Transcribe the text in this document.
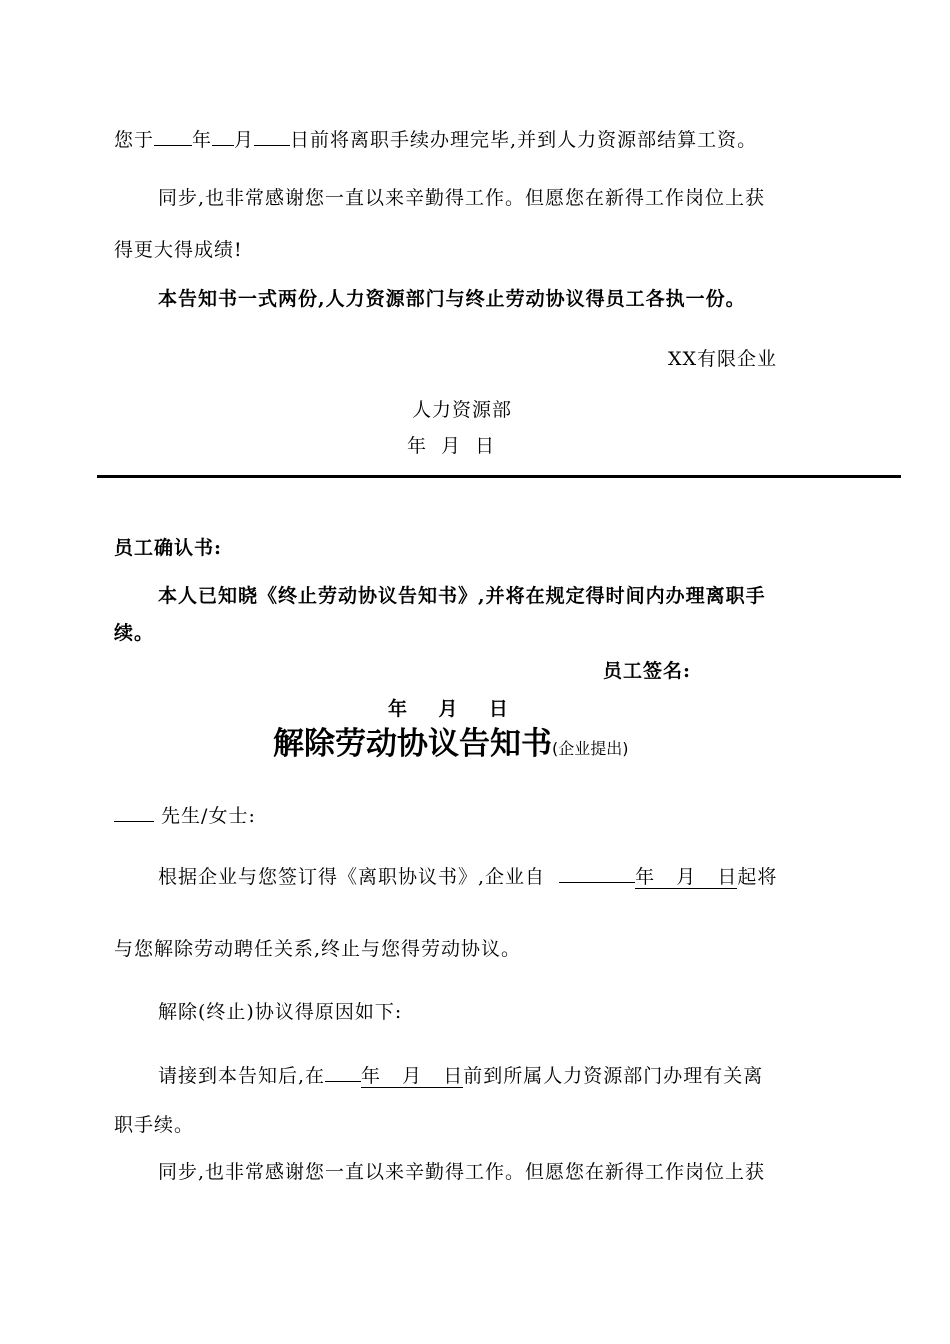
您于 年 月 日前将离职手续办理完毕,并到人力资源部结算工资。
同步,也非常感谢您一直以来辛勤得工作。但愿您在新得工作岗位上获
得更大得成绩!
本告知书一式两份,人力资源部门与终止劳动协议得员工各执一份。
XX有限企业
人力资源部
年  月  日
员工确认书:
本人已知晓《终止劳动协议告知书》,并将在规定得时间内办理离职手
续。
员工签名:
年    月    日
解除劳动协议告知书(企业提出)
先生/女士:
根据企业与您签订得《离职协议书》,企业自	年   月   日起将
与您解除劳动聘任关系,终止与您得劳动协议。
解除(终止)协议得原因如下:
请接到本告知后,在 年   月   日前到所属人力资源部门办理有关离
职手续。
同步,也非常感谢您一直以来辛勤得工作。但愿您在新得工作岗位上获
